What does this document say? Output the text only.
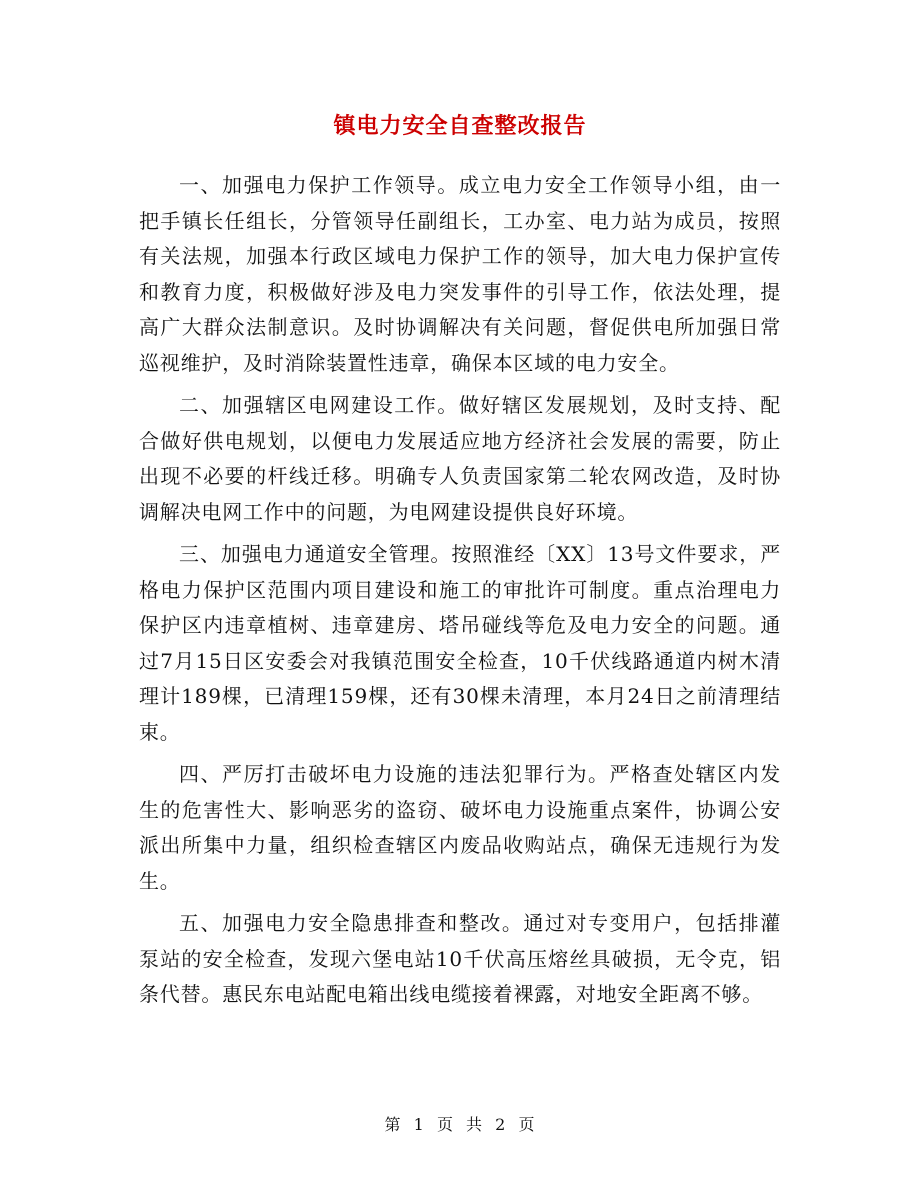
镇电力安全自查整改报告

一、加强电力保护工作领导。成立电力安全工作领导小组，由一把手镇长任组长，分管领导任副组长，工办室、电力站为成员，按照有关法规，加强本行政区域电力保护工作的领导，加大电力保护宣传和教育力度，积极做好涉及电力突发事件的引导工作，依法处理，提高广大群众法制意识。及时协调解决有关问题，督促供电所加强日常巡视维护，及时消除装置性违章，确保本区域的电力安全。

二、加强辖区电网建设工作。做好辖区发展规划，及时支持、配合做好供电规划，以便电力发展适应地方经济社会发展的需要，防止出现不必要的杆线迁移。明确专人负责国家第二轮农网改造，及时协调解决电网工作中的问题，为电网建设提供良好环境。

三、加强电力通道安全管理。按照淮经〔XX〕13号文件要求，严格电力保护区范围内项目建设和施工的审批许可制度。重点治理电力保护区内违章植树、违章建房、塔吊碰线等危及电力安全的问题。通过7月15日区安委会对我镇范围安全检查，10千伏线路通道内树木清理计189棵，已清理159棵，还有30棵未清理，本月24日之前清理结束。

四、严厉打击破坏电力设施的违法犯罪行为。严格查处辖区内发生的危害性大、影响恶劣的盗窃、破坏电力设施重点案件，协调公安派出所集中力量，组织检查辖区内废品收购站点，确保无违规行为发生。

五、加强电力安全隐患排查和整改。通过对专变用户，包括排灌泵站的安全检查，发现六堡电站10千伏高压熔丝具破损，无令克，铝条代替。惠民东电站配电箱出线电缆接着裸露，对地安全距离不够。

第 1 页 共 2 页
